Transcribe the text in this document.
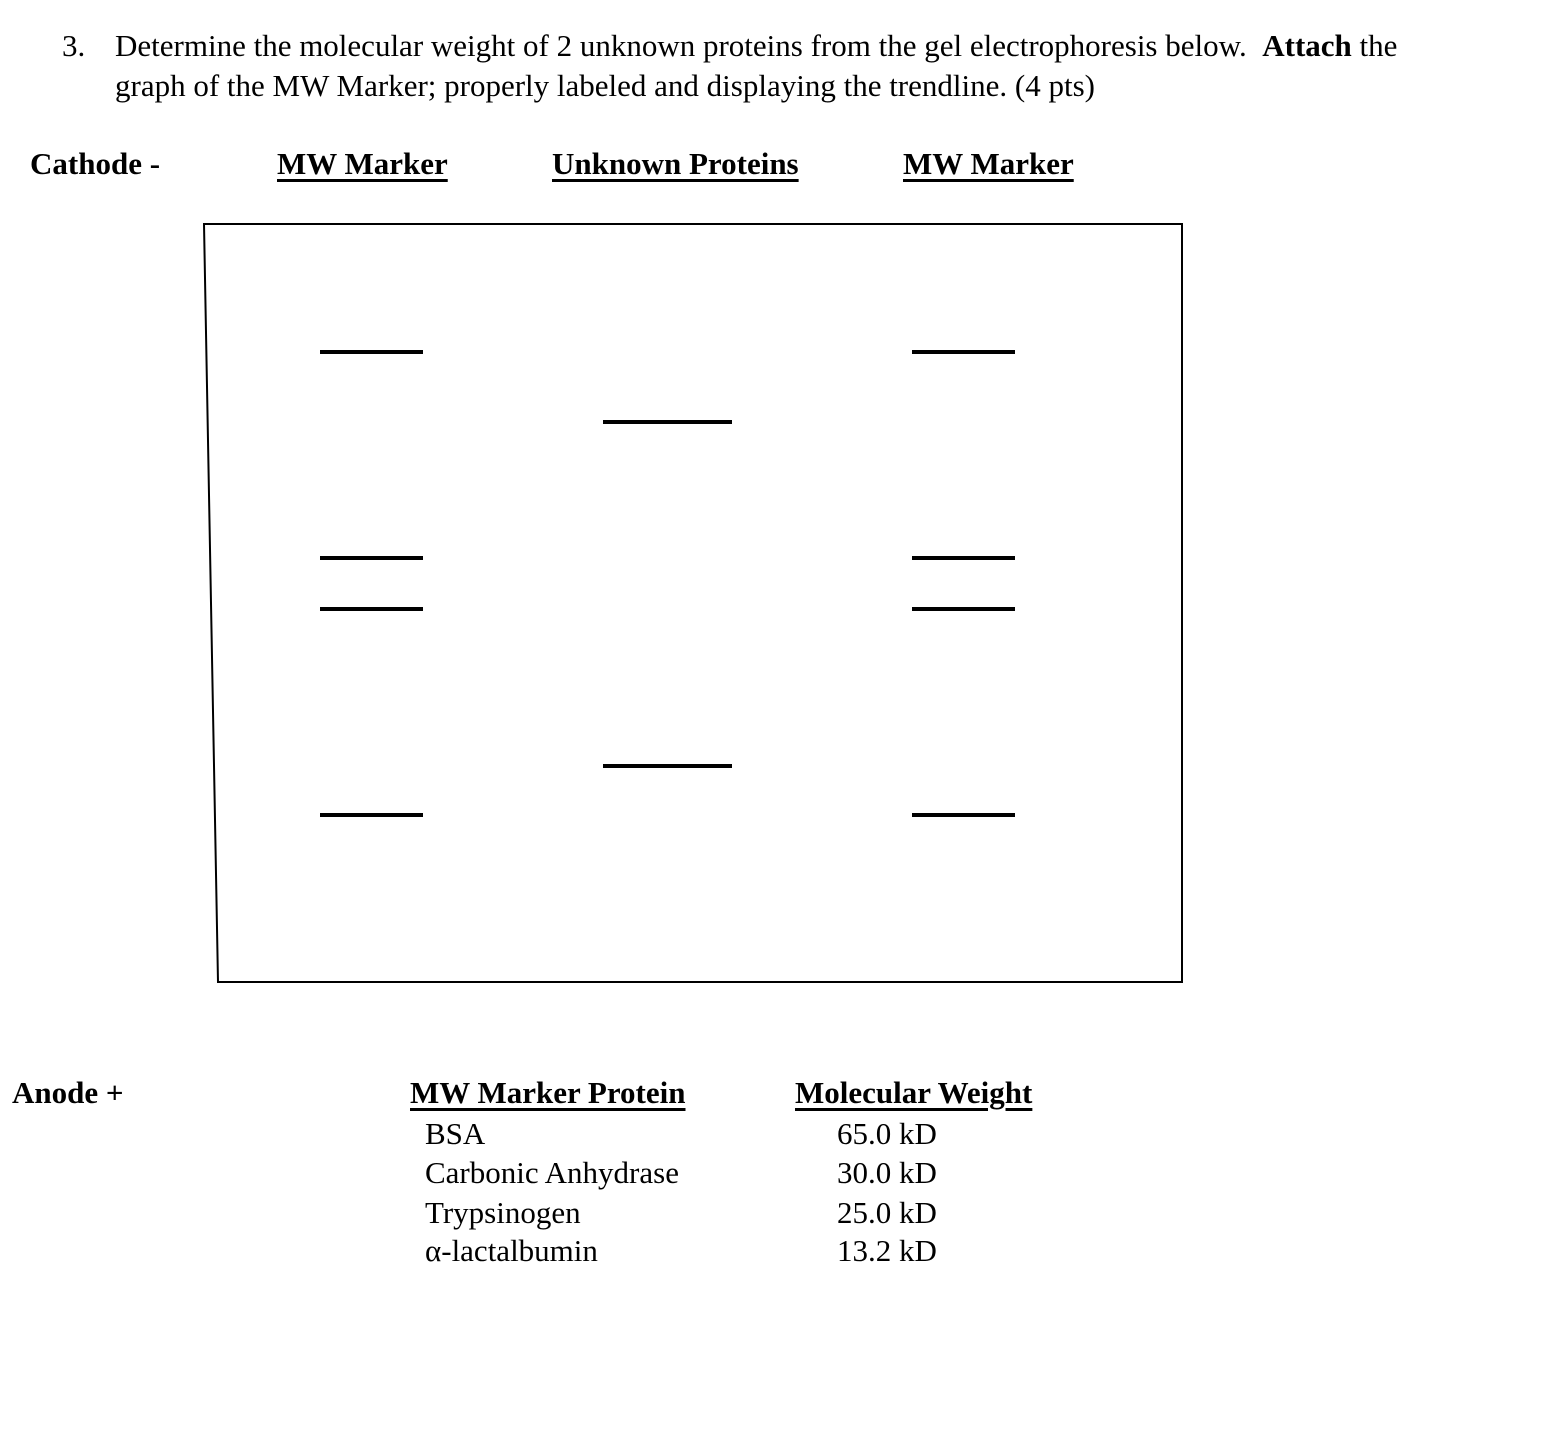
3. Determine the molecular weight of 2 unknown proteins from the gel electrophoresis below. Attach the
graph of the MW Marker; properly labeled and displaying the trendline. (4 pts)
Cathode -	MW Marker	Unknown Proteins	MW Marker
Anode +	MW Marker Protein	Molecular Weight
BSA	65.0 kD
Carbonic Anhydrase	30.0 kD
Trypsinogen	25.0 kD
α-lactalbumin	13.2 kD
